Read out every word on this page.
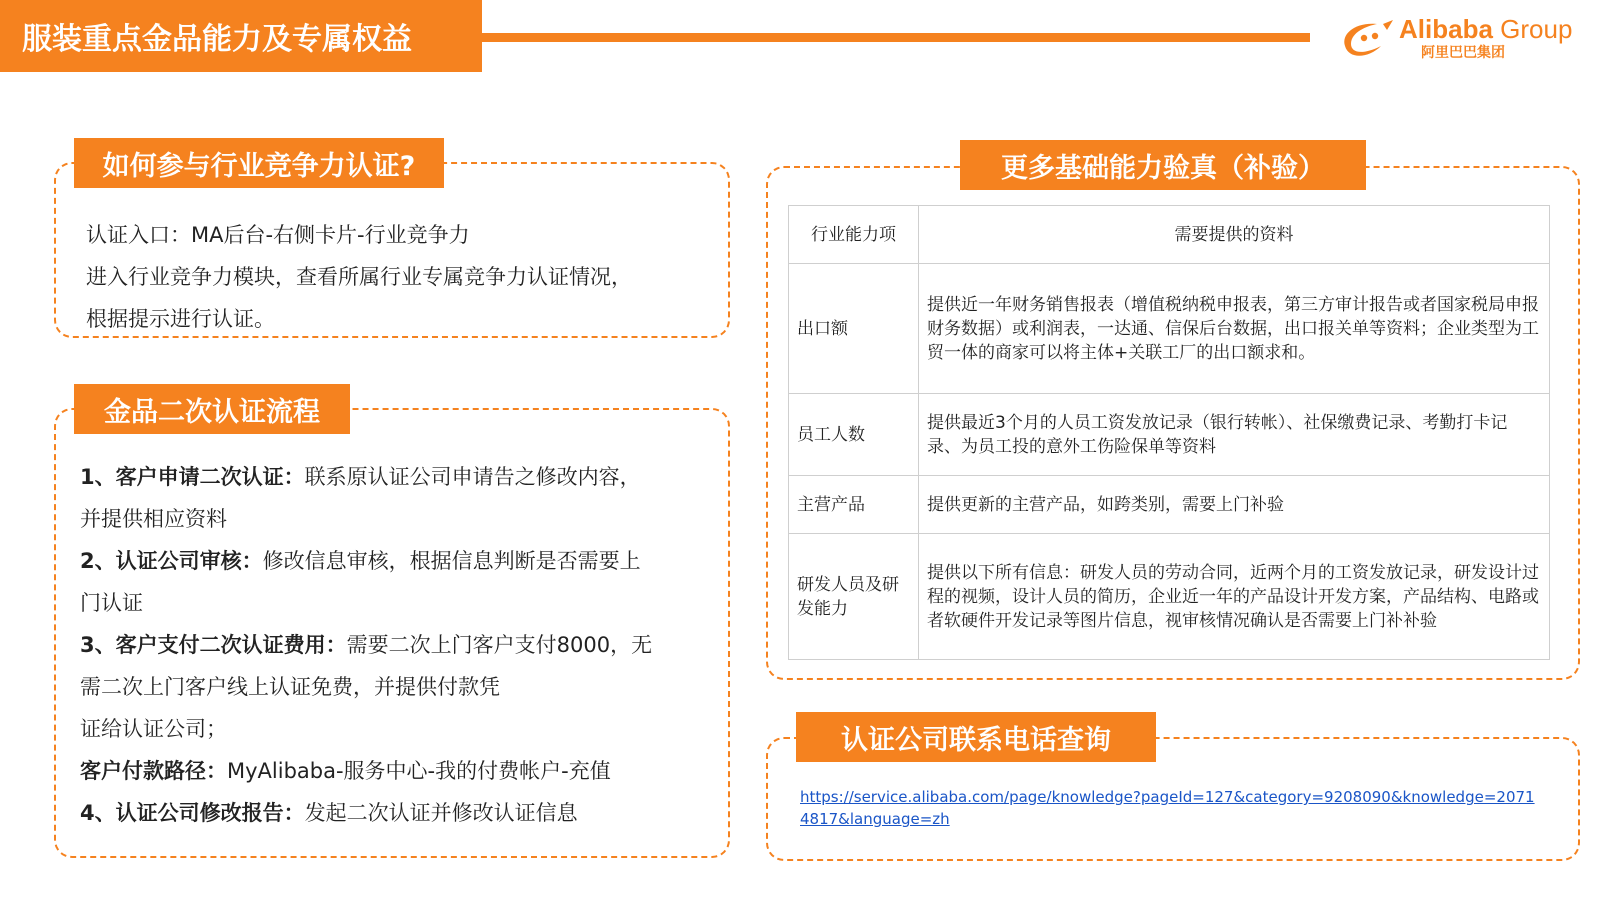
服装重点金品能力及专属权益	Alibaba Group
阿里巴巴集团
如何参与行业竞争力认证?
认证入口：MA后台-右侧卡片-行业竞争力
进入行业竞争力模块，查看所属行业专属竞争力认证情况，
根据提示进行认证。
金品二次认证流程
1、客户申请二次认证：联系原认证公司申请告之修改内容，
并提供相应资料
2、认证公司审核：修改信息审核，根据信息判断是否需要上
门认证
3、客户支付二次认证费用：需要二次上门客户支付8000，无
需二次上门客户线上认证免费，并提供付款凭
证给认证公司；
客户付款路径：MyAlibaba-服务中心-我的付费帐户-充值
4、认证公司修改报告：发起二次认证并修改认证信息
更多基础能力验真（补验）
行业能力项	需要提供的资料
出口额	提供近一年财务销售报表（增值税纳税申报表，第三方审计报告或者国家税局申报财务数据）或利润表，一达通、信保后台数据，出口报关单等资料；企业类型为工贸一体的商家可以将主体+关联工厂的出口额求和。
员工人数	提供最近3个月的人员工资发放记录（银行转帐）、社保缴费记录、考勤打卡记录、为员工投的意外工伤险保单等资料
主营产品	提供更新的主营产品，如跨类别，需要上门补验
研发人员及研发能力	提供以下所有信息：研发人员的劳动合同，近两个月的工资发放记录，研发设计过程的视频，设计人员的简历，企业近一年的产品设计开发方案，产品结构、电路或者软硬件开发记录等图片信息，视审核情况确认是否需要上门补补验
认证公司联系电话查询
https://service.alibaba.com/page/knowledge?pageId=127&category=9208090&knowledge=20714817&language=zh
